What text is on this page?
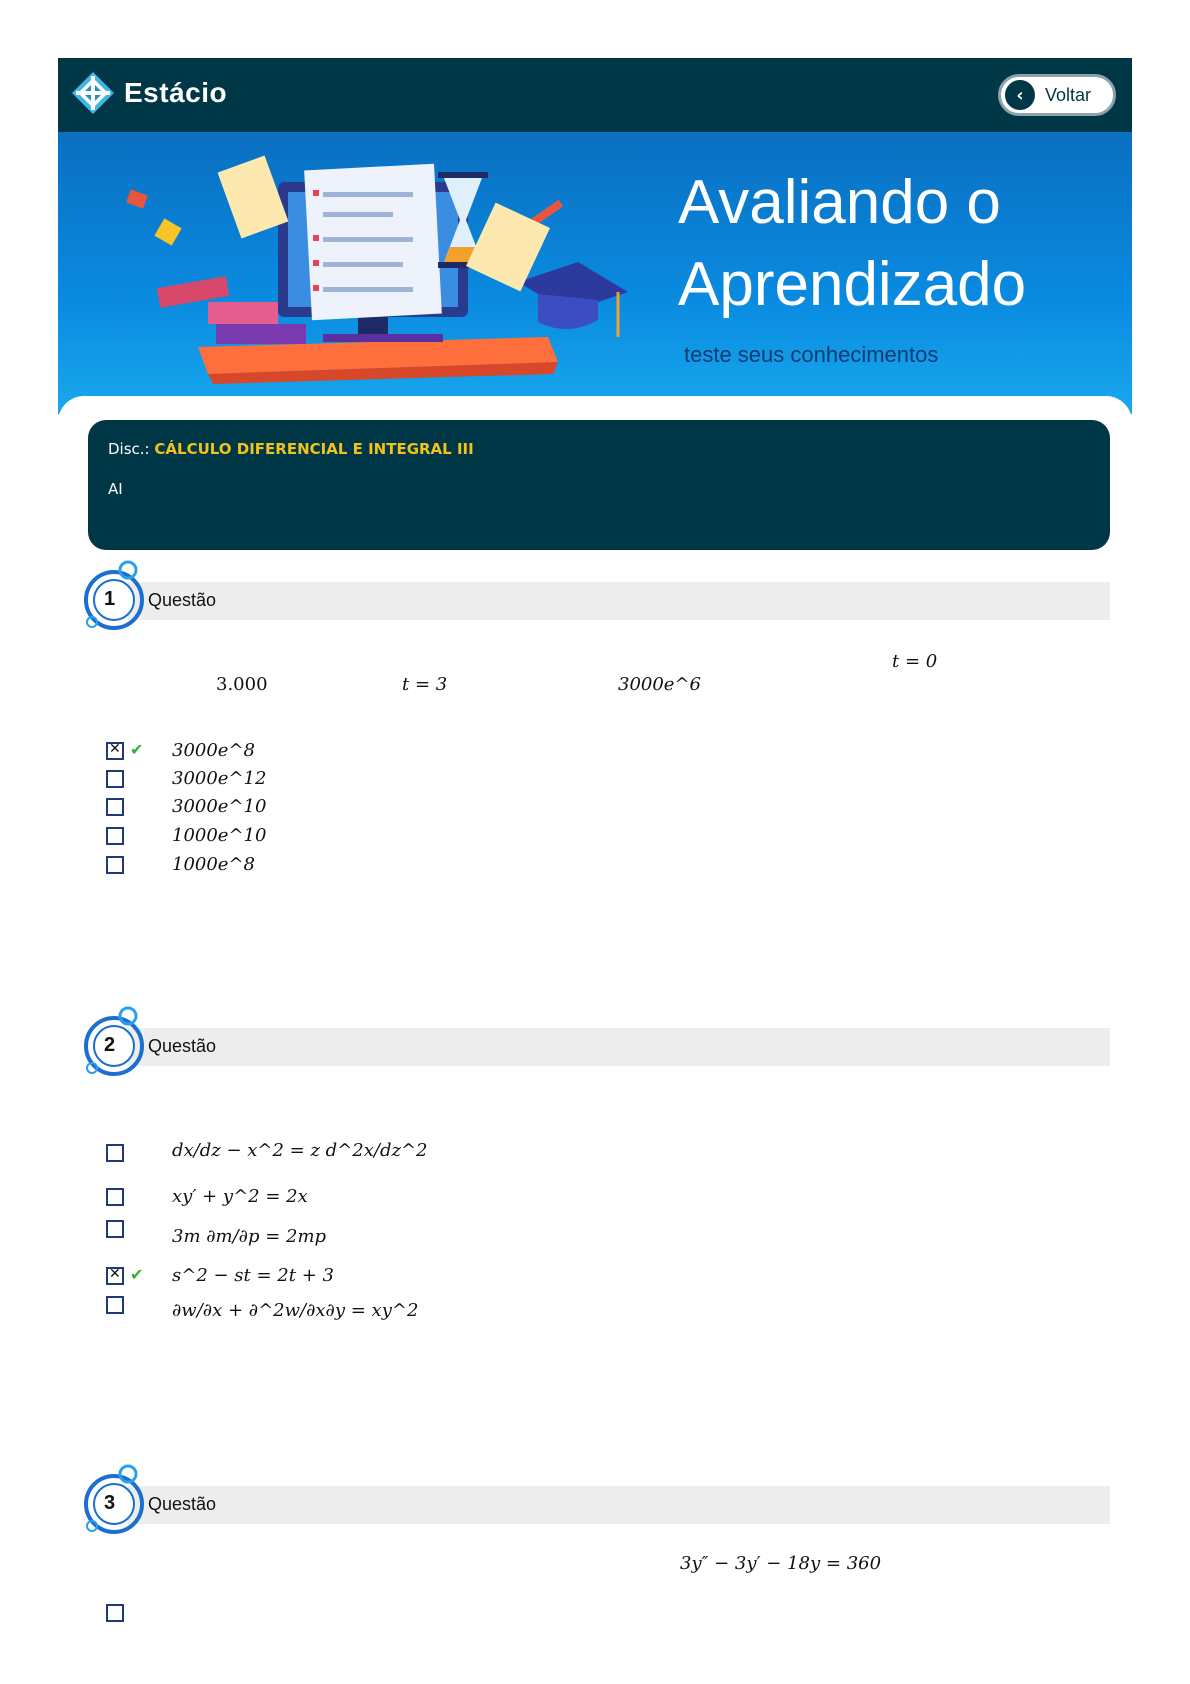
Estácio	‹	Voltar
Avaliando o
Aprendizado
teste seus conhecimentos
Disc.: CÁLCULO DIFERENCIAL E INTEGRAL III
AI
1 Questão
t = 0
3.000	t = 3	3000e^6
✕
✔ 3000e^8
3000e^12
3000e^10
1000e^10
1000e^8
2 Questão
dx/dz − x^2 = z d^2x/dz^2
xy′ + y^2 = 2x
3m ∂m/∂p = 2mp
✕
✔ s^2 − st = 2t + 3
∂w/∂x + ∂^2w/∂x∂y = xy^2
3 Questão
3y″ − 3y′ − 18y = 360
